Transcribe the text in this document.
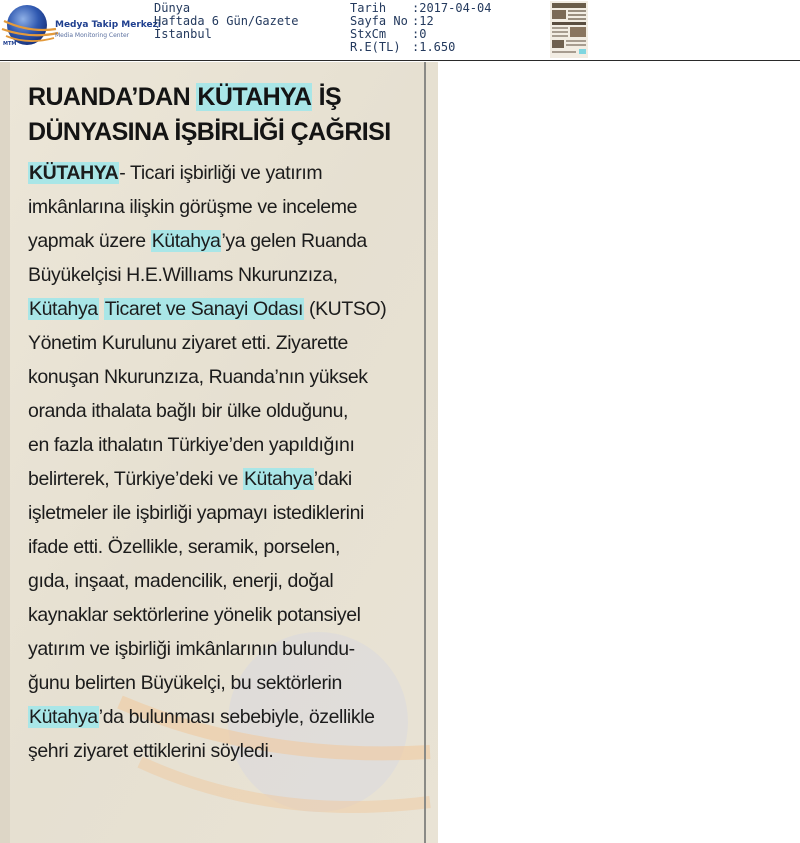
Medya Takip Merkezi
Media Monitoring Center
MTM
Dünya
Haftada 6 Gün/Gazete
İstanbul
Tarih :2017-04-04
Sayfa No :12
StxCm :0
R.E(TL) :1.650
RUANDA’DAN KÜTAHYA İŞ
DÜNYASINA İŞBİRLİĞİ ÇAĞRISI
KÜTAHYA- Ticari işbirliği ve yatırım
imkânlarına ilişkin görüşme ve inceleme
yapmak üzere Kütahya’ya gelen Ruanda
Büyükelçisi H.E.Willıams Nkurunzıza,
Kütahya Ticaret ve Sanayi Odası (KUTSO)
Yönetim Kurulunu ziyaret etti. Ziyarette
konuşan Nkurunzıza, Ruanda’nın yüksek
oranda ithalata bağlı bir ülke olduğunu,
en fazla ithalatın Türkiye’den yapıldığını
belirterek, Türkiye’deki ve Kütahya’daki
işletmeler ile işbirliği yapmayı istediklerini
ifade etti. Özellikle, seramik, porselen,
gıda, inşaat, madencilik, enerji, doğal
kaynaklar sektörlerine yönelik potansiyel
yatırım ve işbirliği imkânlarının bulundu-
ğunu belirten Büyükelçi, bu sektörlerin
Kütahya’da bulunması sebebiyle, özellikle
şehri ziyaret ettiklerini söyledi.
